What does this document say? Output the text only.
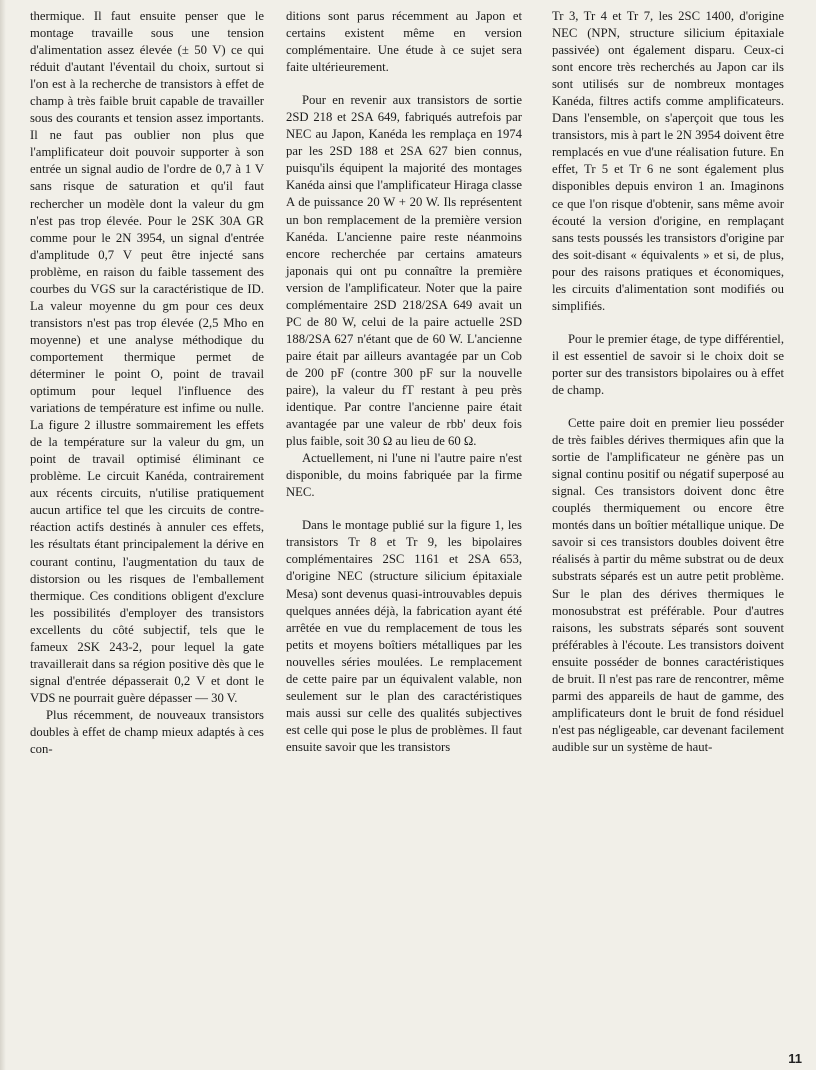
thermique. Il faut ensuite penser que le montage travaille sous une tension d'alimentation assez élevée (± 50 V) ce qui réduit d'autant l'éventail du choix, surtout si l'on est à la recherche de transistors à effet de champ à très faible bruit capable de travailler sous des courants et tension assez importants. Il ne faut pas oublier non plus que l'amplificateur doit pouvoir supporter à son entrée un signal audio de l'ordre de 0,7 à 1 V sans risque de saturation et qu'il faut rechercher un modèle dont la valeur du gm n'est pas trop élevée. Pour le 2SK 30A GR comme pour le 2N 3954, un signal d'entrée d'amplitude 0,7 V peut être injecté sans problème, en raison du faible tassement des courbes du VGS sur la caractéristique de ID. La valeur moyenne du gm pour ces deux transistors n'est pas trop élevée (2,5 Mho en moyenne) et une analyse méthodique du comportement thermique permet de déterminer le point O, point de travail optimum pour lequel l'influence des variations de température est infime ou nulle. La figure 2 illustre sommairement les effets de la température sur la valeur du gm, un point de travail optimisé éliminant ce problème. Le circuit Kanéda, contrairement aux récents circuits, n'utilise pratiquement aucun artifice tel que les circuits de contre-réaction actifs destinés à annuler ces effets, les résultats étant principalement la dérive en courant continu, l'augmentation du taux de distorsion ou les risques de l'emballement thermique. Ces conditions obligent d'exclure les possibilités d'employer des transistors excellents du côté subjectif, tels que le fameux 2SK 243-2, pour lequel la gate travaillerait dans sa région positive dès que le signal d'entrée dépasserait 0,2 V et dont le VDS ne pourrait guère dépasser — 30 V.

Plus récemment, de nouveaux transistors doubles à effet de champ mieux adaptés à ces con-

ditions sont parus récemment au Japon et certains existent même en version complémentaire. Une étude à ce sujet sera faite ultérieurement.

Pour en revenir aux transistors de sortie 2SD 218 et 2SA 649, fabriqués autrefois par NEC au Japon, Kanéda les remplaça en 1974 par les 2SD 188 et 2SA 627 bien connus, puisqu'ils équipent la majorité des montages Kanéda ainsi que l'amplificateur Hiraga classe A de puissance 20 W + 20 W. Ils représentent un bon remplacement de la première version Kanéda. L'ancienne paire reste néanmoins encore recherchée par certains amateurs japonais qui ont pu connaître la première version de l'amplificateur. Noter que la paire complémentaire 2SD 218/2SA 649 avait un PC de 80 W, celui de la paire actuelle 2SD 188/2SA 627 n'étant que de 60 W. L'ancienne paire était par ailleurs avantagée par un Cob de 200 pF (contre 300 pF sur la nouvelle paire), la valeur du fT restant à peu près identique. Par contre l'ancienne paire était avantagée par une valeur de rbb' deux fois plus faible, soit 30 Ω au lieu de 60 Ω.

Actuellement, ni l'une ni l'autre paire n'est disponible, du moins fabriquée par la firme NEC.

Dans le montage publié sur la figure 1, les transistors Tr 8 et Tr 9, les bipolaires complémentaires 2SC 1161 et 2SA 653, d'origine NEC (structure silicium épitaxiale Mesa) sont devenus quasi-introuvables depuis quelques années déjà, la fabrication ayant été arrêtée en vue du remplacement de tous les petits et moyens boîtiers métalliques par les nouvelles séries moulées. Le remplacement de cette paire par un équivalent valable, non seulement sur le plan des caractéristiques mais aussi sur celle des qualités subjectives est celle qui pose le plus de problèmes. Il faut ensuite savoir que les transistors

Tr 3, Tr 4 et Tr 7, les 2SC 1400, d'origine NEC (NPN, structure silicium épitaxiale passivée) ont également disparu. Ceux-ci sont encore très recherchés au Japon car ils sont utilisés sur de nombreux montages Kanéda, filtres actifs comme amplificateurs. Dans l'ensemble, on s'aperçoit que tous les transistors, mis à part le 2N 3954 doivent être remplacés en vue d'une réalisation future. En effet, Tr 5 et Tr 6 ne sont également plus disponibles depuis environ 1 an. Imaginons ce que l'on risque d'obtenir, sans même avoir écouté la version d'origine, en remplaçant sans tests poussés les transistors d'origine par des soit-disant « équivalents » et si, de plus, pour des raisons pratiques et économiques, les circuits d'alimentation sont modifiés ou simplifiés.

Pour le premier étage, de type différentiel, il est essentiel de savoir si le choix doit se porter sur des transistors bipolaires ou à effet de champ.

Cette paire doit en premier lieu posséder de très faibles dérives thermiques afin que la sortie de l'amplificateur ne génère pas un signal continu positif ou négatif superposé au signal. Ces transistors doivent donc être couplés thermiquement ou encore être montés dans un boîtier métallique unique. De savoir si ces transistors doubles doivent être réalisés à partir du même substrat ou de deux substrats séparés est un autre petit problème. Sur le plan des dérives thermiques le monosubstrat est préférable. Pour d'autres raisons, les substrats séparés sont souvent préférables à l'écoute. Les transistors doivent ensuite posséder de bonnes caractéristiques de bruit. Il n'est pas rare de rencontrer, même parmi des appareils de haut de gamme, des amplificateurs dont le bruit de fond résiduel n'est pas négligeable, car devenant facilement audible sur un système de haut-

11
